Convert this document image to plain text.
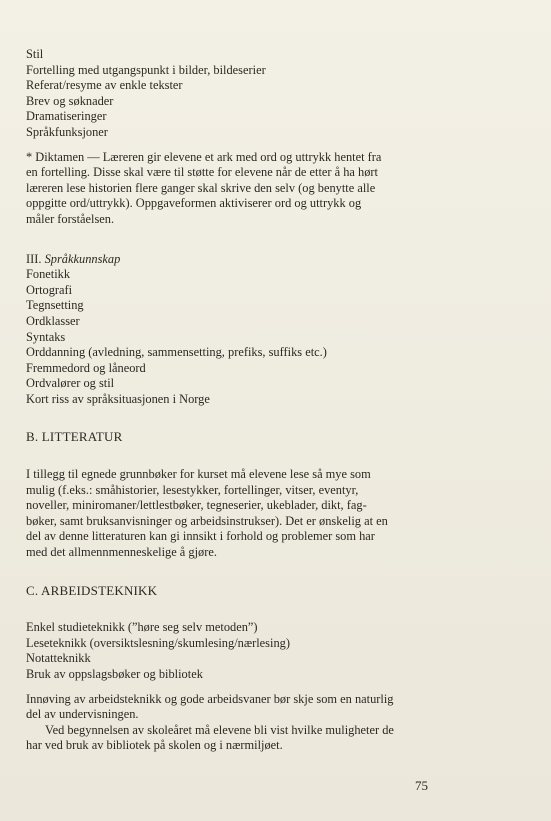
Stil
Fortelling med utgangspunkt i bilder, bildeserier
Referat/resyme av enkle tekster
Brev og søknader
Dramatiseringer
Språkfunksjoner
* Diktamen — Læreren gir elevene et ark med ord og uttrykk hentet fra
en fortelling. Disse skal være til støtte for elevene når de etter å ha hørt
læreren lese historien flere ganger skal skrive den selv (og benytte alle
oppgitte ord/uttrykk). Oppgaveformen aktiviserer ord og uttrykk og
måler forståelsen.
III. Språkkunnskap
Fonetikk
Ortografi
Tegnsetting
Ordklasser
Syntaks
Orddanning (avledning, sammensetting, prefiks, suffiks etc.)
Fremmedord og låneord
Ordvalører og stil
Kort riss av språksituasjonen i Norge
B. LITTERATUR
I tillegg til egnede grunnbøker for kurset må elevene lese så mye som
mulig (f.eks.: småhistorier, lesestykker, fortellinger, vitser, eventyr,
noveller, miniromaner/lettlestbøker, tegneserier, ukeblader, dikt, fag-
bøker, samt bruksanvisninger og arbeidsinstrukser). Det er ønskelig at en
del av denne litteraturen kan gi innsikt i forhold og problemer som har
med det allmennmenneskelige å gjøre.
C. ARBEIDSTEKNIKK
Enkel studieteknikk (”høre seg selv metoden”)
Leseteknikk (oversiktslesning/skumlesing/nærlesing)
Notatteknikk
Bruk av oppslagsbøker og bibliotek
Innøving av arbeidsteknikk og gode arbeidsvaner bør skje som en naturlig
del av undervisningen.
Ved begynnelsen av skoleåret må elevene bli vist hvilke muligheter de
har ved bruk av bibliotek på skolen og i nærmiljøet.
75
